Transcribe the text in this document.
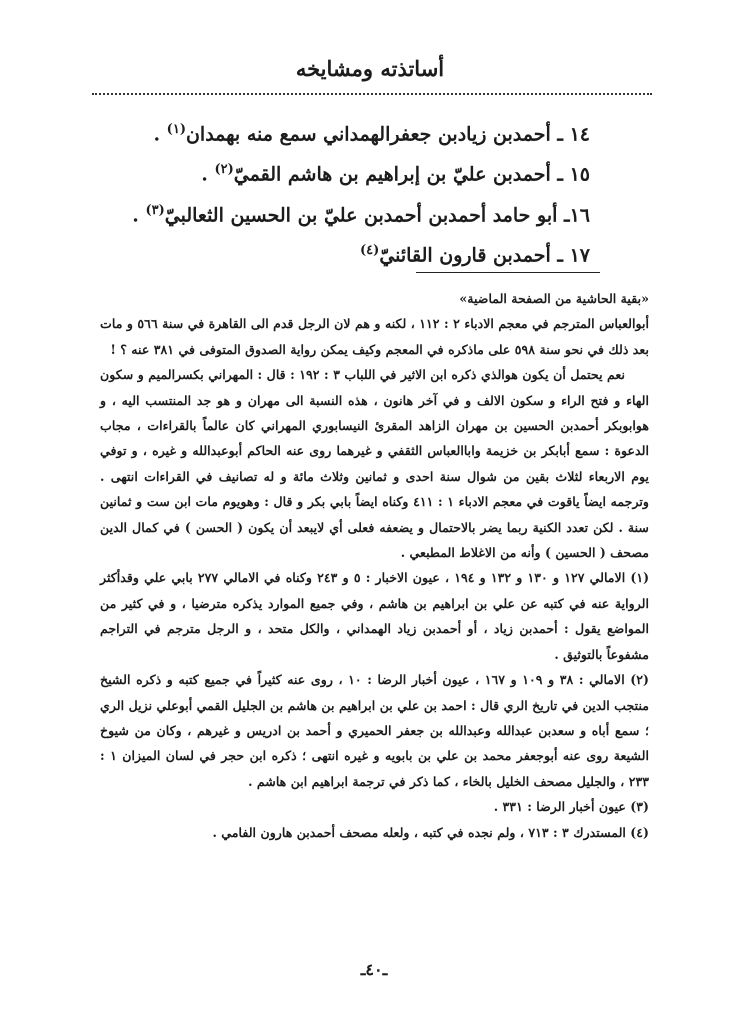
أساتذته ومشايخه
١٤ ـ أحمدبن زيادبن جعفرالهمداني سمع منه بهمدان$^{(١)}$ .
١٥ ـ أحمدبن عليّ بن إبراهيم بن هاشم القميّ$^{(٢)}$ .
١٦ـ أبو حامد أحمدبن أحمدبن عليّ بن الحسين الثعالبيّ$^{(٣)}$ .
١٧ ـ أحمدبن قارون القائنيّ$^{(٤)}$

«بقية الحاشية من الصفحة الماضية»

أبوالعباس المترجم في معجم الادباء ٢ : ١١٢ ، لكنه و هم لان الرجل قدم الى القاهرة في سنة ٥٦٦ و مات بعد ذلك في نحو سنة ٥٩٨ على ماذكره في المعجم وكيف يمكن رواية الصدوق المتوفى في ٣٨١ عنه ؟ !

نعم يحتمل أن يكون هوالذي ذكره ابن الاثير في اللباب ٣ : ١٩٢ : قال : المهراني بكسرالميم و سكون الهاء و فتح الراء و سكون الالف و في آخر هانون ، هذه النسبة الى مهران و هو جد المنتسب اليه ، و هوابوبكر أحمدبن الحسين بن مهران الزاهد المقرئ النيسابوري المهراني كان عالماً بالقراءات ، مجاب الدعوة : سمع أبابكر بن خزيمة واباالعباس الثقفي و غيرهما روى عنه الحاكم أبوعبدالله و غيره ، و توفي يوم الاربعاء لثلاث بقين من شوال سنة احدى و ثمانين وثلاث مائة و له تصانيف في القراءات انتهى . وترجمه ايضاً ياقوت في معجم الادباء ١ : ٤١١ وكناه ايضاً بابي بكر و قال : وهويوم مات ابن ست و ثمانين سنة . لكن تعدد الكنية ربما يضر بالاحتمال و يضعفه فعلى أي لايبعد أن يكون ( الحسن ) في كمال الدين مصحف ( الحسين ) وأنه من الاغلاط المطبعي .

(١) الامالي ١٢٧ و ١٣٠ و ١٣٢ و ١٩٤ ، عيون الاخبار : ٥ و ٢٤٣ وكناه في الامالي ٢٧٧ بابي علي وقدأكثر الرواية عنه في كتبه عن علي بن ابراهيم بن هاشم ، وفي جميع الموارد يذكره مترضيا ، و في كثير من المواضع يقول : أحمدبن زياد ، أو أحمدبن زياد الهمداني ، والكل متحد ، و الرجل مترجم في التراجم مشفوعاً بالتوثيق .

(٢) الامالي : ٣٨ و ١٠٩ و ١٦٧ ، عيون أخبار الرضا : ١٠ ، روى عنه كثيراً في جميع كتبه و ذكره الشيخ منتجب الدين في تاريخ الري قال : احمد بن علي بن ابراهيم بن هاشم بن الجليل القمي أبوعلي نزيل الري ؛ سمع أباه و سعدبن عبدالله وعبدالله بن جعفر الحميري و أحمد بن ادريس و غيرهم ، وكان من شيوخ الشيعة روى عنه أبوجعفر محمد بن علي بن بابويه و غيره انتهى ؛ ذكره ابن حجر في لسان الميزان ١ : ٢٣٣ ، والجليل مصحف الخليل بالخاء ، كما ذكر في ترجمة ابراهيم ابن هاشم .

(٣) عيون أخبار الرضا : ٣٣١ .

(٤) المستدرك ٣ : ٧١٣ ، ولم نجده في كتبه ، ولعله مصحف أحمدبن هارون الفامي .

ـ٤٠ـ
